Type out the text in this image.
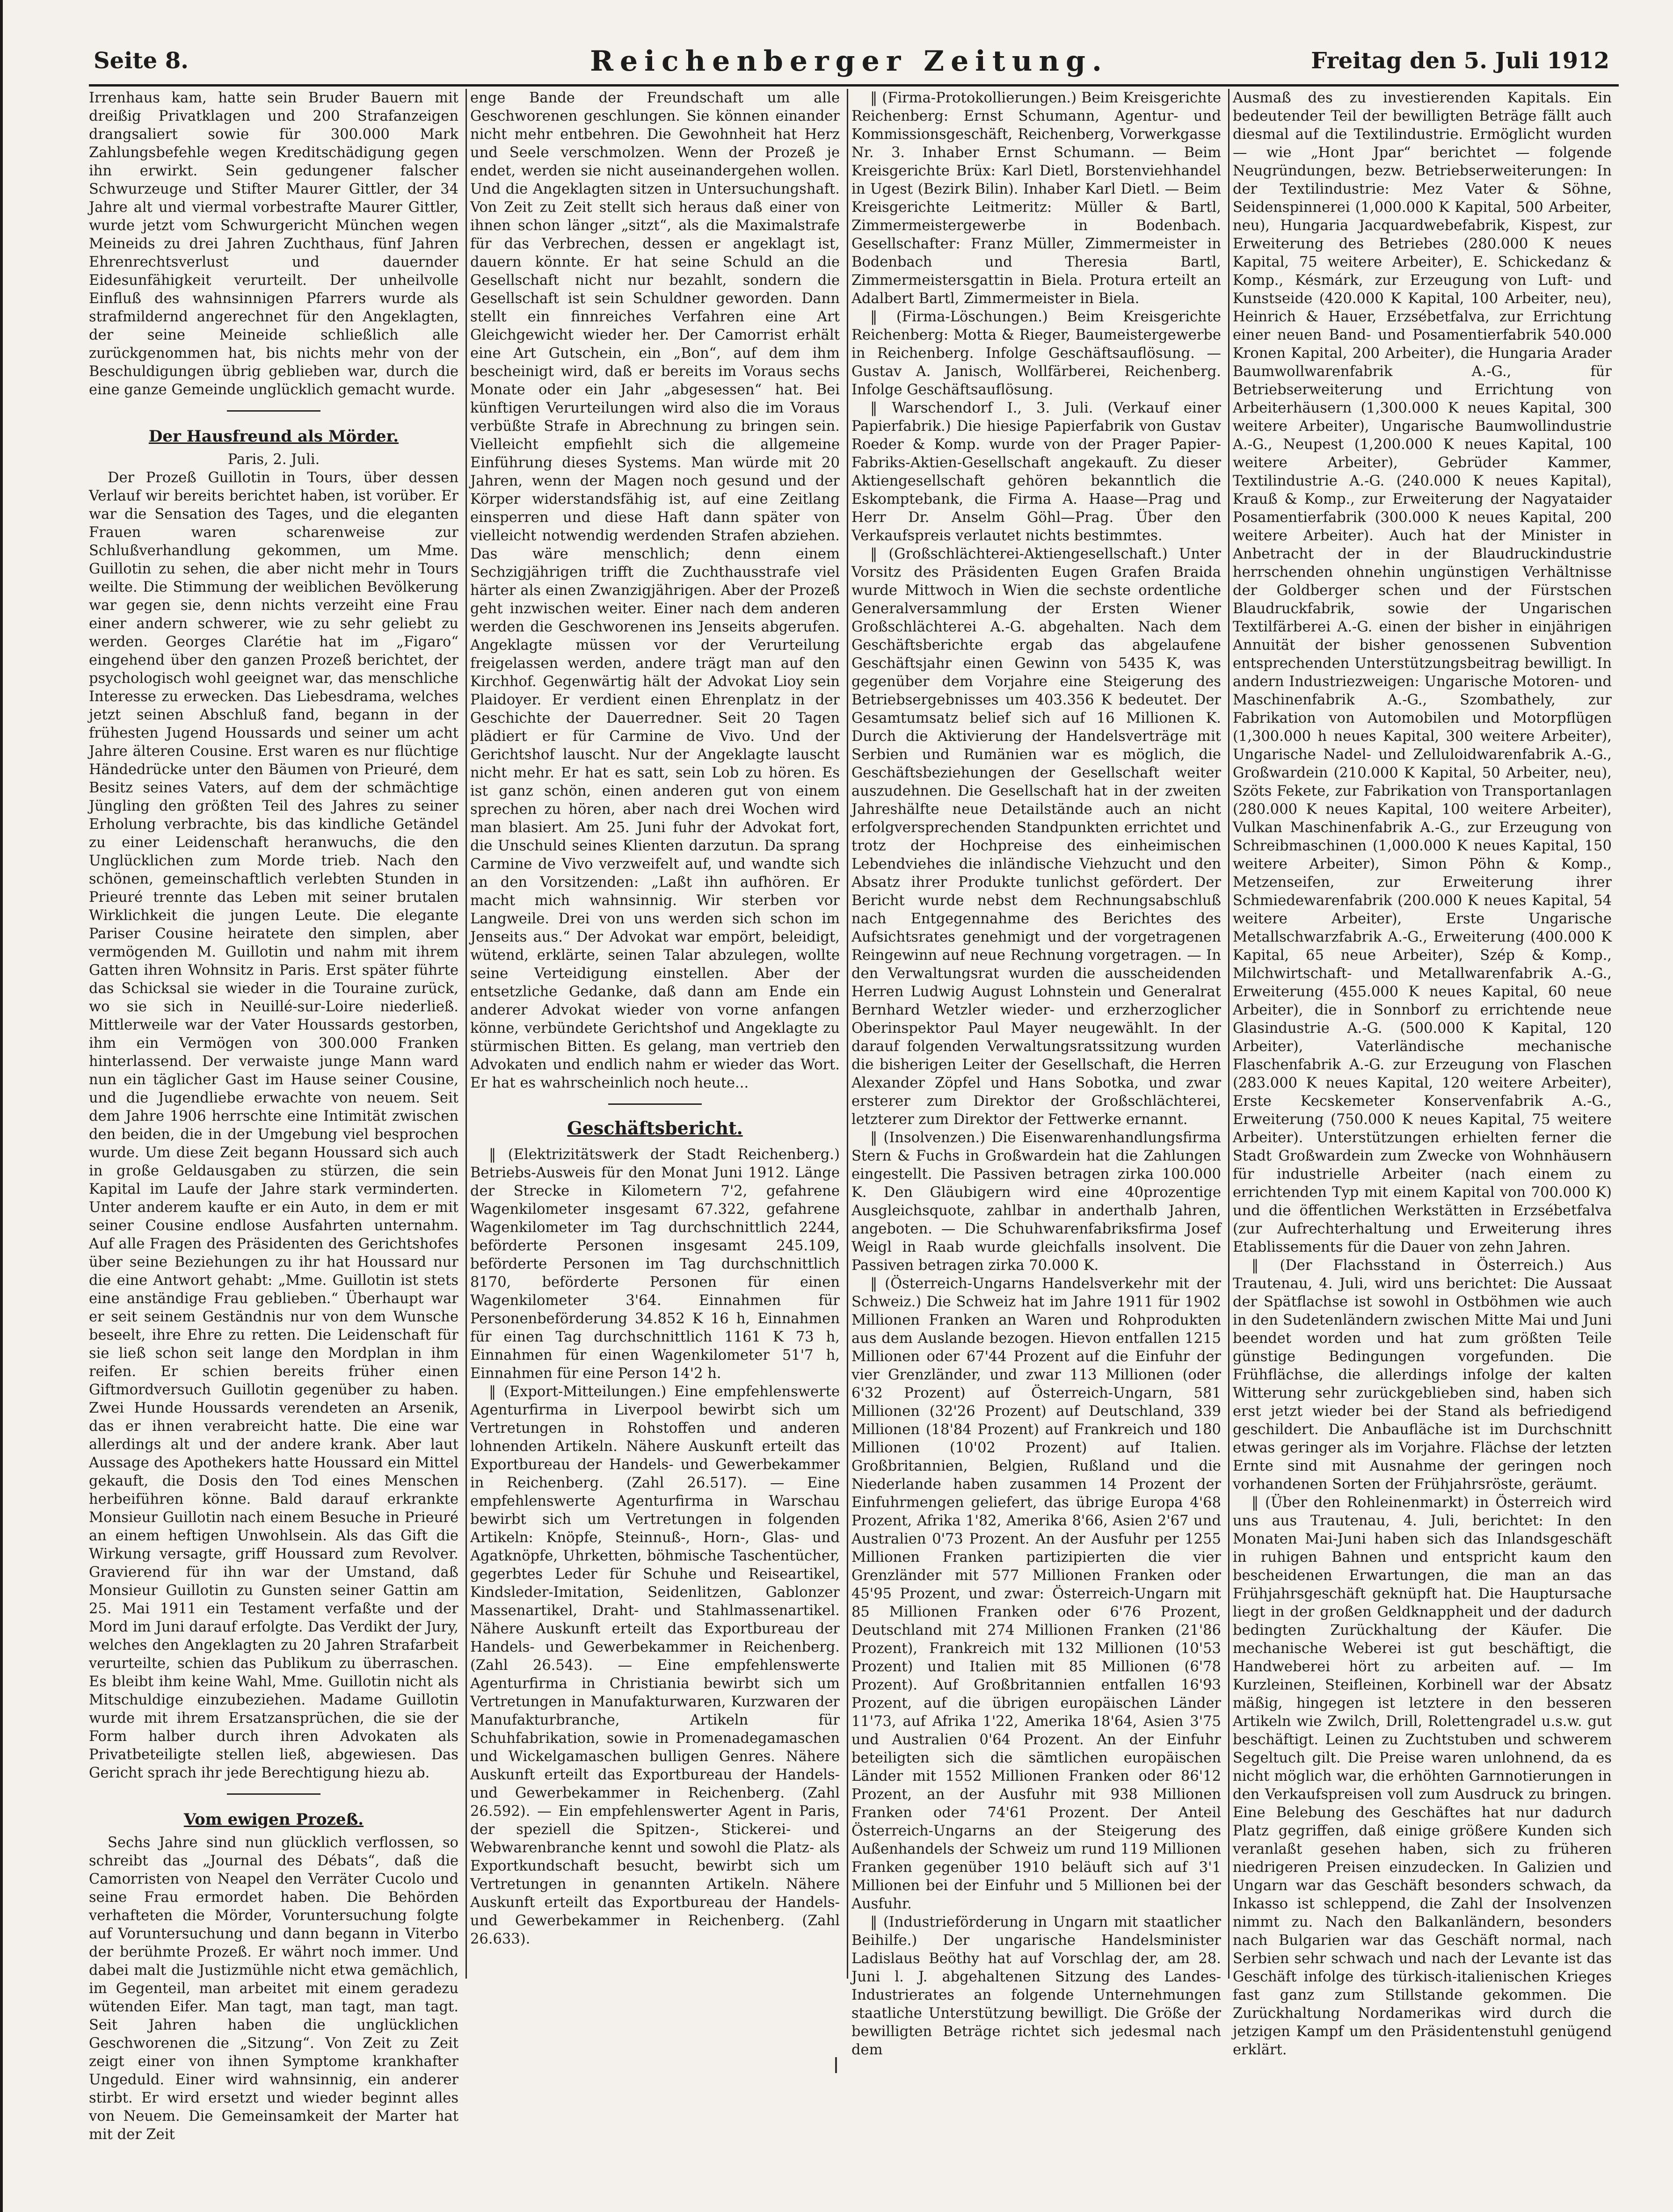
Seite 8.	Reichenberger Zeitung.	Freitag den 5. Juli 1912

Irrenhaus kam, hatte sein Bruder Bauern mit dreißig Privatklagen und 200 Strafanzeigen drangsaliert sowie für 300.000 Mark Zahlungsbefehle wegen Kreditschädigung gegen ihn erwirkt. Sein gedungener falscher Schwurzeuge und Stifter Maurer Gittler, der 34 Jahre alt und viermal vorbestrafte Maurer Gittler, wurde jetzt vom Schwurgericht München wegen Meineids zu drei Jahren Zuchthaus, fünf Jahren Ehrenrechtsverlust und dauernder Eidesunfähigkeit verurteilt. Der unheilvolle Einfluß des wahnsinnigen Pfarrers wurde als strafmildernd angerechnet für den Angeklagten, der seine Meineide schließlich alle zurückgenommen hat, bis nichts mehr von der Beschuldigungen übrig geblieben war, durch die eine ganze Gemeinde unglücklich gemacht wurde.

Der Hausfreund als Mörder.

Paris, 2. Juli.

Der Prozeß Guillotin in Tours, über dessen Verlauf wir bereits berichtet haben, ist vorüber. Er war die Sensation des Tages, und die eleganten Frauen waren scharenweise zur Schlußverhandlung gekommen, um Mme. Guillotin zu sehen, die aber nicht mehr in Tours weilte. Die Stimmung der weiblichen Bevölkerung war gegen sie, denn nichts verzeiht eine Frau einer andern schwerer, wie zu sehr geliebt zu werden. Georges Clarétie hat im „Figaro“ eingehend über den ganzen Prozeß berichtet, der psychologisch wohl geeignet war, das menschliche Interesse zu erwecken. Das Liebesdrama, welches jetzt seinen Abschluß fand, begann in der frühesten Jugend Houssards und seiner um acht Jahre älteren Cousine. Erst waren es nur flüchtige Händedrücke unter den Bäumen von Prieuré, dem Besitz seines Vaters, auf dem der schmächtige Jüngling den größten Teil des Jahres zu seiner Erholung verbrachte, bis das kindliche Getändel zu einer Leidenschaft heranwuchs, die den Unglücklichen zum Morde trieb. Nach den schönen, gemeinschaftlich verlebten Stunden in Prieuré trennte das Leben mit seiner brutalen Wirklichkeit die jungen Leute. Die elegante Pariser Cousine heiratete den simplen, aber vermögenden M. Guillotin und nahm mit ihrem Gatten ihren Wohnsitz in Paris. Erst später führte das Schicksal sie wieder in die Touraine zurück, wo sie sich in Neuillé-sur-Loire niederließ. Mittlerweile war der Vater Houssards gestorben, ihm ein Vermögen von 300.000 Franken hinterlassend. Der verwaiste junge Mann ward nun ein täglicher Gast im Hause seiner Cousine, und die Jugendliebe erwachte von neuem. Seit dem Jahre 1906 herrschte eine Intimität zwischen den beiden, die in der Umgebung viel besprochen wurde. Um diese Zeit begann Houssard sich auch in große Geldausgaben zu stürzen, die sein Kapital im Laufe der Jahre stark verminderten. Unter anderem kaufte er ein Auto, in dem er mit seiner Cousine endlose Ausfahrten unternahm. Auf alle Fragen des Präsidenten des Gerichtshofes über seine Beziehungen zu ihr hat Houssard nur die eine Antwort gehabt: „Mme. Guillotin ist stets eine anständige Frau geblieben.“ Überhaupt war er seit seinem Geständnis nur von dem Wunsche beseelt, ihre Ehre zu retten. Die Leidenschaft für sie ließ schon seit lange den Mordplan in ihm reifen. Er schien bereits früher einen Giftmordversuch Guillotin gegenüber zu haben. Zwei Hunde Houssards verendeten an Arsenik, das er ihnen verabreicht hatte. Die eine war allerdings alt und der andere krank. Aber laut Aussage des Apothekers hatte Houssard ein Mittel gekauft, die Dosis den Tod eines Menschen herbeiführen könne. Bald darauf erkrankte Monsieur Guillotin nach einem Besuche in Prieuré an einem heftigen Unwohlsein. Als das Gift die Wirkung versagte, griff Houssard zum Revolver. Gravierend für ihn war der Umstand, daß Monsieur Guillotin zu Gunsten seiner Gattin am 25. Mai 1911 ein Testament verfaßte und der Mord im Juni darauf erfolgte. Das Verdikt der Jury, welches den Angeklagten zu 20 Jahren Strafarbeit verurteilte, schien das Publikum zu überraschen. Es bleibt ihm keine Wahl, Mme. Guillotin nicht als Mitschuldige einzubeziehen. Madame Guillotin wurde mit ihrem Ersatzansprüchen, die sie der Form halber durch ihren Advokaten als Privatbeteiligte stellen ließ, abgewiesen. Das Gericht sprach ihr jede Berechtigung hiezu ab.

Vom ewigen Prozeß.

Sechs Jahre sind nun glücklich verflossen, so schreibt das „Journal des Débats“, daß die Camorristen von Neapel den Verräter Cucolo und seine Frau ermordet haben. Die Behörden verhafteten die Mörder, Voruntersuchung folgte auf Voruntersuchung und dann begann in Viterbo der berühmte Prozeß. Er währt noch immer. Und dabei malt die Justizmühle nicht etwa gemächlich, im Gegenteil, man arbeitet mit einem geradezu wütenden Eifer. Man tagt, man tagt, man tagt. Seit Jahren haben die unglücklichen Geschworenen die „Sitzung“. Von Zeit zu Zeit zeigt einer von ihnen Symptome krankhafter Ungeduld. Einer wird wahnsinnig, ein anderer stirbt. Er wird ersetzt und wieder beginnt alles von Neuem. Die Gemeinsamkeit der Marter hat mit der Zeit

enge Bande der Freundschaft um alle Geschworenen geschlungen. Sie können einander nicht mehr entbehren. Die Gewohnheit hat Herz und Seele verschmolzen. Wenn der Prozeß je endet, werden sie nicht auseinandergehen wollen. Und die Angeklagten sitzen in Untersuchungshaft. Von Zeit zu Zeit stellt sich heraus daß einer von ihnen schon länger „sitzt“, als die Maximalstrafe für das Verbrechen, dessen er angeklagt ist, dauern könnte. Er hat seine Schuld an die Gesellschaft nicht nur bezahlt, sondern die Gesellschaft ist sein Schuldner geworden. Dann stellt ein finnreiches Verfahren eine Art Gleichgewicht wieder her. Der Camorrist erhält eine Art Gutschein, ein „Bon“, auf dem ihm bescheinigt wird, daß er bereits im Voraus sechs Monate oder ein Jahr „abgesessen“ hat. Bei künftigen Verurteilungen wird also die im Voraus verbüßte Strafe in Abrechnung zu bringen sein. Vielleicht empfiehlt sich die allgemeine Einführung dieses Systems. Man würde mit 20 Jahren, wenn der Magen noch gesund und der Körper widerstandsfähig ist, auf eine Zeitlang einsperren und diese Haft dann später von vielleicht notwendig werdenden Strafen abziehen. Das wäre menschlich; denn einem Sechzigjährigen trifft die Zuchthausstrafe viel härter als einen Zwanzigjährigen. Aber der Prozeß geht inzwischen weiter. Einer nach dem anderen werden die Geschworenen ins Jenseits abgerufen. Angeklagte müssen vor der Verurteilung freigelassen werden, andere trägt man auf den Kirchhof. Gegenwärtig hält der Advokat Lioy sein Plaidoyer. Er verdient einen Ehrenplatz in der Geschichte der Dauerredner. Seit 20 Tagen plädiert er für Carmine de Vivo. Und der Gerichtshof lauscht. Nur der Angeklagte lauscht nicht mehr. Er hat es satt, sein Lob zu hören. Es ist ganz schön, einen anderen gut von einem sprechen zu hören, aber nach drei Wochen wird man blasiert. Am 25. Juni fuhr der Advokat fort, die Unschuld seines Klienten darzutun. Da sprang Carmine de Vivo verzweifelt auf, und wandte sich an den Vorsitzenden: „Laßt ihn aufhören. Er macht mich wahnsinnig. Wir sterben vor Langweile. Drei von uns werden sich schon im Jenseits aus.“ Der Advokat war empört, beleidigt, wütend, erklärte, seinen Talar abzulegen, wollte seine Verteidigung einstellen. Aber der entsetzliche Gedanke, daß dann am Ende ein anderer Advokat wieder von vorne anfangen könne, verbündete Gerichtshof und Angeklagte zu stürmischen Bitten. Es gelang, man vertrieb den Advokaten und endlich nahm er wieder das Wort. Er hat es wahrscheinlich noch heute...

Geschäftsbericht.

‖ (Elektrizitätswerk der Stadt Reichenberg.) Betriebs-Ausweis für den Monat Juni 1912. Länge der Strecke in Kilometern 7'2, gefahrene Wagenkilometer insgesamt 67.322, gefahrene Wagenkilometer im Tag durchschnittlich 2244, beförderte Personen insgesamt 245.109, beförderte Personen im Tag durchschnittlich 8170, beförderte Personen für einen Wagenkilometer 3'64. Einnahmen für Personenbeförderung 34.852 K 16 h, Einnahmen für einen Tag durchschnittlich 1161 K 73 h, Einnahmen für einen Wagenkilometer 51'7 h, Einnahmen für eine Person 14'2 h.

‖ (Export-Mitteilungen.) Eine empfehlenswerte Agenturfirma in Liverpool bewirbt sich um Vertretungen in Rohstoffen und anderen lohnenden Artikeln. Nähere Auskunft erteilt das Exportbureau der Handels- und Gewerbekammer in Reichenberg. (Zahl 26.517). — Eine empfehlenswerte Agenturfirma in Warschau bewirbt sich um Vertretungen in folgenden Artikeln: Knöpfe, Steinnuß-, Horn-, Glas- und Agatknöpfe, Uhrketten, böhmische Taschentücher, gegerbtes Leder für Schuhe und Reiseartikel, Kindsleder-Imitation, Seidenlitzen, Gablonzer Massenartikel, Draht- und Stahlmassenartikel. Nähere Auskunft erteilt das Exportbureau der Handels- und Gewerbekammer in Reichenberg. (Zahl 26.543). — Eine empfehlenswerte Agenturfirma in Christiania bewirbt sich um Vertretungen in Manufakturwaren, Kurzwaren der Manufakturbranche, Artikeln für Schuhfabrikation, sowie in Promenadegamaschen und Wickelgamaschen bulligen Genres. Nähere Auskunft erteilt das Exportbureau der Handels- und Gewerbekammer in Reichenberg. (Zahl 26.592). — Ein empfehlenswerter Agent in Paris, der speziell die Spitzen-, Stickerei- und Webwarenbranche kennt und sowohl die Platz- als Exportkundschaft besucht, bewirbt sich um Vertretungen in genannten Artikeln. Nähere Auskunft erteilt das Exportbureau der Handels- und Gewerbekammer in Reichenberg. (Zahl 26.633).

‖ (Firma-Protokollierungen.) Beim Kreisgerichte Reichenberg: Ernst Schumann, Agentur- und Kommissionsgeschäft, Reichenberg, Vorwerkgasse Nr. 3. Inhaber Ernst Schumann. — Beim Kreisgerichte Brüx: Karl Dietl, Borstenviehhandel in Ugest (Bezirk Bilin). Inhaber Karl Dietl. — Beim Kreisgerichte Leitmeritz: Müller & Bartl, Zimmermeistergewerbe in Bodenbach. Gesellschafter: Franz Müller, Zimmermeister in Bodenbach und Theresia Bartl, Zimmermeistersgattin in Biela. Protura erteilt an Adalbert Bartl, Zimmermeister in Biela.

‖ (Firma-Löschungen.) Beim Kreisgerichte Reichenberg: Motta & Rieger, Baumeistergewerbe in Reichenberg. Infolge Geschäftsauflösung. — Gustav A. Janisch, Wollfärberei, Reichenberg. Infolge Geschäftsauflösung.

‖ Warschendorf I., 3. Juli. (Verkauf einer Papierfabrik.) Die hiesige Papierfabrik von Gustav Roeder & Komp. wurde von der Prager Papier-Fabriks-Aktien-Gesellschaft angekauft. Zu dieser Aktiengesellschaft gehören bekanntlich die Eskomptebank, die Firma A. Haase—Prag und Herr Dr. Anselm Göhl—Prag. Über den Verkaufspreis verlautet nichts bestimmtes.

‖ (Großschlächterei-Aktiengesellschaft.) Unter Vorsitz des Präsidenten Eugen Grafen Braida wurde Mittwoch in Wien die sechste ordentliche Generalversammlung der Ersten Wiener Großschlächterei A.-G. abgehalten. Nach dem Geschäftsberichte ergab das abgelaufene Geschäftsjahr einen Gewinn von 5435 K, was gegenüber dem Vorjahre eine Steigerung des Betriebsergebnisses um 403.356 K bedeutet. Der Gesamtumsatz belief sich auf 16 Millionen K. Durch die Aktivierung der Handelsverträge mit Serbien und Rumänien war es möglich, die Geschäftsbeziehungen der Gesellschaft weiter auszudehnen. Die Gesellschaft hat in der zweiten Jahreshälfte neue Detailstände auch an nicht erfolgversprechenden Standpunkten errichtet und trotz der Hochpreise des einheimischen Lebendviehes die inländische Viehzucht und den Absatz ihrer Produkte tunlichst gefördert. Der Bericht wurde nebst dem Rechnungsabschluß nach Entgegennahme des Berichtes des Aufsichtsrates genehmigt und der vorgetragenen Reingewinn auf neue Rechnung vorgetragen. — In den Verwaltungsrat wurden die ausscheidenden Herren Ludwig August Lohnstein und Generalrat Bernhard Wetzler wieder- und erzherzoglicher Oberinspektor Paul Mayer neugewählt. In der darauf folgenden Verwaltungsratssitzung wurden die bisherigen Leiter der Gesellschaft, die Herren Alexander Zöpfel und Hans Sobotka, und zwar ersterer zum Direktor der Großschlächterei, letzterer zum Direktor der Fettwerke ernannt.

‖ (Insolvenzen.) Die Eisenwarenhandlungsfirma Stern & Fuchs in Großwardein hat die Zahlungen eingestellt. Die Passiven betragen zirka 100.000 K. Den Gläubigern wird eine 40prozentige Ausgleichsquote, zahlbar in anderthalb Jahren, angeboten. — Die Schuhwarenfabriksfirma Josef Weigl in Raab wurde gleichfalls insolvent. Die Passiven betragen zirka 70.000 K.

‖ (Österreich-Ungarns Handelsverkehr mit der Schweiz.) Die Schweiz hat im Jahre 1911 für 1902 Millionen Franken an Waren und Rohprodukten aus dem Auslande bezogen. Hievon entfallen 1215 Millionen oder 67'44 Prozent auf die Einfuhr der vier Grenzländer, und zwar 113 Millionen (oder 6'32 Prozent) auf Österreich-Ungarn, 581 Millionen (32'26 Prozent) auf Deutschland, 339 Millionen (18'84 Prozent) auf Frankreich und 180 Millionen (10'02 Prozent) auf Italien. Großbritannien, Belgien, Rußland und die Niederlande haben zusammen 14 Prozent der Einfuhrmengen geliefert, das übrige Europa 4'68 Prozent, Afrika 1'82, Amerika 8'66, Asien 2'67 und Australien 0'73 Prozent. An der Ausfuhr per 1255 Millionen Franken partizipierten die vier Grenzländer mit 577 Millionen Franken oder 45'95 Prozent, und zwar: Österreich-Ungarn mit 85 Millionen Franken oder 6'76 Prozent, Deutschland mit 274 Millionen Franken (21'86 Prozent), Frankreich mit 132 Millionen (10'53 Prozent) und Italien mit 85 Millionen (6'78 Prozent). Auf Großbritannien entfallen 16'93 Prozent, auf die übrigen europäischen Länder 11'73, auf Afrika 1'22, Amerika 18'64, Asien 3'75 und Australien 0'64 Prozent. An der Einfuhr beteiligten sich die sämtlichen europäischen Länder mit 1552 Millionen Franken oder 86'12 Prozent, an der Ausfuhr mit 938 Millionen Franken oder 74'61 Prozent. Der Anteil Österreich-Ungarns an der Steigerung des Außenhandels der Schweiz um rund 119 Millionen Franken gegenüber 1910 beläuft sich auf 3'1 Millionen bei der Einfuhr und 5 Millionen bei der Ausfuhr.

‖ (Industrieförderung in Ungarn mit staatlicher Beihilfe.) Der ungarische Handelsminister Ladislaus Beöthy hat auf Vorschlag der, am 28. Juni l. J. abgehaltenen Sitzung des Landes-Industrierates an folgende Unternehmungen staatliche Unterstützung bewilligt. Die Größe der bewilligten Beträge richtet sich jedesmal nach dem

Ausmaß des zu investierenden Kapitals. Ein bedeutender Teil der bewilligten Beträge fällt auch diesmal auf die Textilindustrie. Ermöglicht wurden — wie „Hont Jpar“ berichtet — folgende Neugründungen, bezw. Betriebserweiterungen: In der Textilindustrie: Mez Vater & Söhne, Seidenspinnerei (1,000.000 K Kapital, 500 Arbeiter, neu), Hungaria Jacquardwebefabrik, Kispest, zur Erweiterung des Betriebes (280.000 K neues Kapital, 75 weitere Arbeiter), E. Schickedanz & Komp., Késmárk, zur Erzeugung von Luft- und Kunstseide (420.000 K Kapital, 100 Arbeiter, neu), Heinrich & Hauer, Erzsébetfalva, zur Errichtung einer neuen Band- und Posamentierfabrik 540.000 Kronen Kapital, 200 Arbeiter), die Hungaria Arader Baumwollwarenfabrik A.-G., für Betriebserweiterung und Errichtung von Arbeiterhäusern (1,300.000 K neues Kapital, 300 weitere Arbeiter), Ungarische Baumwollindustrie A.-G., Neupest (1,200.000 K neues Kapital, 100 weitere Arbeiter), Gebrüder Kammer, Textilindustrie A.-G. (240.000 K neues Kapital), Krauß & Komp., zur Erweiterung der Nagyataider Posamentierfabrik (300.000 K neues Kapital, 200 weitere Arbeiter). Auch hat der Minister in Anbetracht der in der Blaudruckindustrie herrschenden ohnehin ungünstigen Verhältnisse der Goldberger schen und der Fürstschen Blaudruckfabrik, sowie der Ungarischen Textilfärberei A.-G. einen der bisher in einjährigen Annuität der bisher genossenen Subvention entsprechenden Unterstützungsbeitrag bewilligt. In andern Industriezweigen: Ungarische Motoren- und Maschinenfabrik A.-G., Szombathely, zur Fabrikation von Automobilen und Motorpflügen (1,300.000 h neues Kapital, 300 weitere Arbeiter), Ungarische Nadel- und Zelluloidwarenfabrik A.-G., Großwardein (210.000 K Kapital, 50 Arbeiter, neu), Szöts Fekete, zur Fabrikation von Transportanlagen (280.000 K neues Kapital, 100 weitere Arbeiter), Vulkan Maschinenfabrik A.-G., zur Erzeugung von Schreibmaschinen (1,000.000 K neues Kapital, 150 weitere Arbeiter), Simon Pöhn & Komp., Metzenseifen, zur Erweiterung ihrer Schmiedewarenfabrik (200.000 K neues Kapital, 54 weitere Arbeiter), Erste Ungarische Metallschwarzfabrik A.-G., Erweiterung (400.000 K Kapital, 65 neue Arbeiter), Szép & Komp., Milchwirtschaft- und Metallwarenfabrik A.-G., Erweiterung (455.000 K neues Kapital, 60 neue Arbeiter), die in Sonnborf zu errichtende neue Glasindustrie A.-G. (500.000 K Kapital, 120 Arbeiter), Vaterländische mechanische Flaschenfabrik A.-G. zur Erzeugung von Flaschen (283.000 K neues Kapital, 120 weitere Arbeiter), Erste Kecskemeter Konservenfabrik A.-G., Erweiterung (750.000 K neues Kapital, 75 weitere Arbeiter). Unterstützungen erhielten ferner die Stadt Großwardein zum Zwecke von Wohnhäusern für industrielle Arbeiter (nach einem zu errichtenden Typ mit einem Kapital von 700.000 K) und die öffentlichen Werkstätten in Erzsébetfalva (zur Aufrechterhaltung und Erweiterung ihres Etablissements für die Dauer von zehn Jahren.

‖ (Der Flachsstand in Österreich.) Aus Trautenau, 4. Juli, wird uns berichtet: Die Aussaat der Spätflachse ist sowohl in Ostböhmen wie auch in den Sudetenländern zwischen Mitte Mai und Juni beendet worden und hat zum größten Teile günstige Bedingungen vorgefunden. Die Frühflächse, die allerdings infolge der kalten Witterung sehr zurückgeblieben sind, haben sich erst jetzt wieder bei der Stand als befriedigend geschildert. Die Anbaufläche ist im Durchschnitt etwas geringer als im Vorjahre. Flächse der letzten Ernte sind mit Ausnahme der geringen noch vorhandenen Sorten der Frühjahrsröste, geräumt.

‖ (Über den Rohleinenmarkt) in Österreich wird uns aus Trautenau, 4. Juli, berichtet: In den Monaten Mai-Juni haben sich das Inlandsgeschäft in ruhigen Bahnen und entspricht kaum den bescheidenen Erwartungen, die man an das Frühjahrsgeschäft geknüpft hat. Die Hauptursache liegt in der großen Geldknappheit und der dadurch bedingten Zurückhaltung der Käufer. Die mechanische Weberei ist gut beschäftigt, die Handweberei hört zu arbeiten auf. — Im Kurzleinen, Steifleinen, Korbinell war der Absatz mäßig, hingegen ist letztere in den besseren Artikeln wie Zwilch, Drill, Rolettengradel u.s.w. gut beschäftigt. Leinen zu Zuchtstuben und schwerem Segeltuch gilt. Die Preise waren unlohnend, da es nicht möglich war, die erhöhten Garnnotierungen in den Verkaufspreisen voll zum Ausdruck zu bringen. Eine Belebung des Geschäftes hat nur dadurch Platz gegriffen, daß einige größere Kunden sich veranlaßt gesehen haben, sich zu früheren niedrigeren Preisen einzudecken. In Galizien und Ungarn war das Geschäft besonders schwach, da Inkasso ist schleppend, die Zahl der Insolvenzen nimmt zu. Nach den Balkanländern, besonders nach Bulgarien war das Geschäft normal, nach Serbien sehr schwach und nach der Levante ist das Geschäft infolge des türkisch-italienischen Krieges fast ganz zum Stillstande gekommen. Die Zurückhaltung Nordamerikas wird durch die jetzigen Kampf um den Präsidentenstuhl genügend erklärt.
